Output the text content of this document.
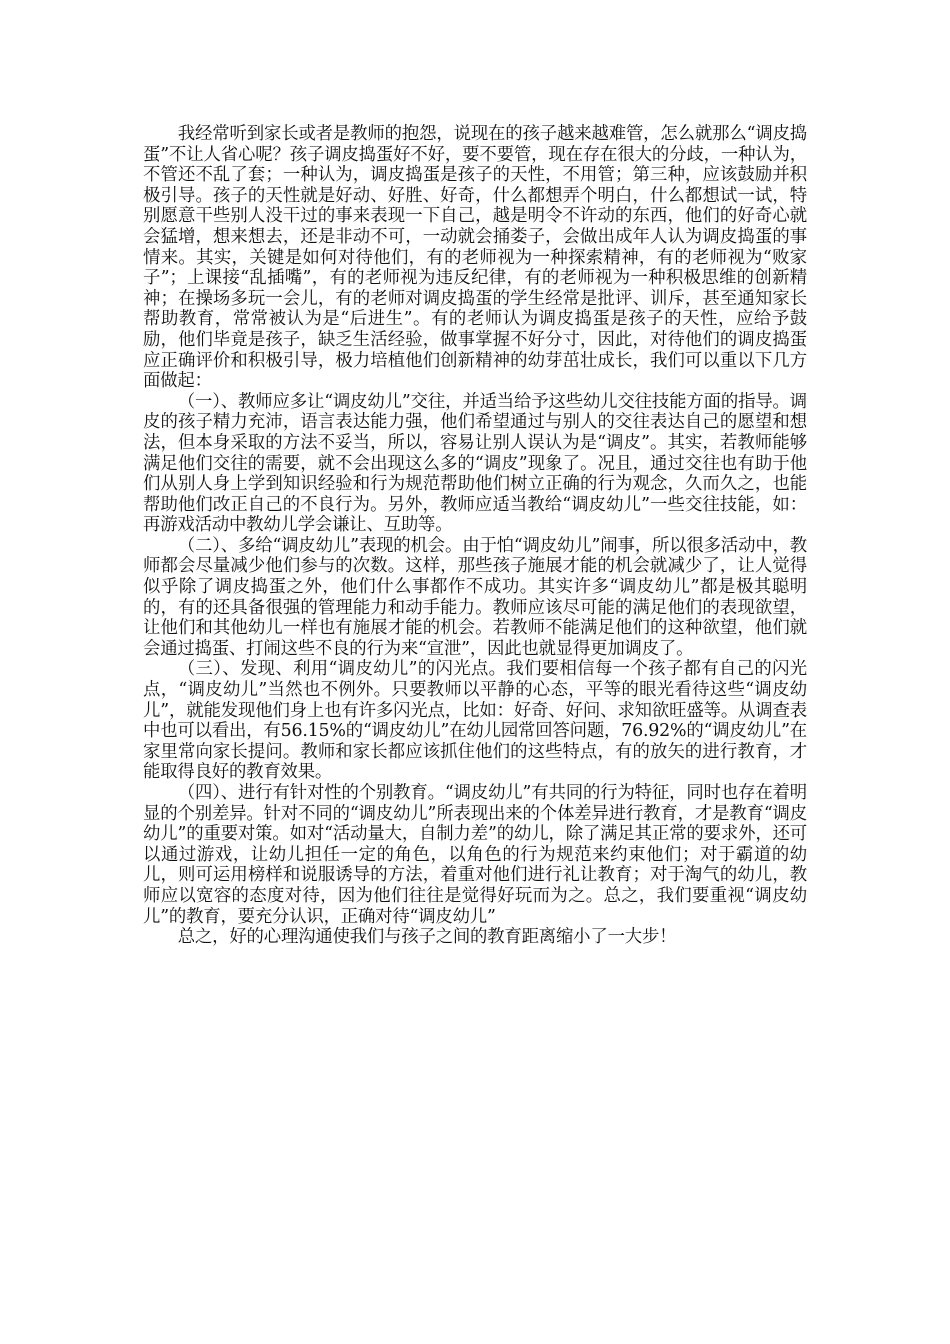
我经常听到家长或者是教师的抱怨，说现在的孩子越来越难管，怎么就那么“调皮捣蛋”不让人省心呢？孩子调皮捣蛋好不好，要不要管，现在存在很大的分歧，一种认为，不管还不乱了套；一种认为，调皮捣蛋是孩子的天性，不用管；第三种，应该鼓励并积极引导。孩子的天性就是好动、好胜、好奇，什么都想弄个明白，什么都想试一试，特别愿意干些别人没干过的事来表现一下自己，越是明令不许动的东西，他们的好奇心就会猛增，想来想去，还是非动不可，一动就会捅娄子，会做出成年人认为调皮捣蛋的事情来。其实，关键是如何对待他们，有的老师视为一种探索精神，有的老师视为“败家子”；上课接“乱插嘴”，有的老师视为违反纪律，有的老师视为一种积极思维的创新精神；在操场多玩一会儿，有的老师对调皮捣蛋的学生经常是批评、训斥，甚至通知家长帮助教育，常常被认为是“后进生”。有的老师认为调皮捣蛋是孩子的天性，应给予鼓励，他们毕竟是孩子，缺乏生活经验，做事掌握不好分寸，因此，对待他们的调皮捣蛋应正确评价和积极引导，极力培植他们创新精神的幼芽茁壮成长，我们可以重以下几方面做起：

（一）、教师应多让“调皮幼儿”交往，并适当给予这些幼儿交往技能方面的指导。调皮的孩子精力充沛，语言表达能力强，他们希望通过与别人的交往表达自己的愿望和想法，但本身采取的方法不妥当，所以，容易让别人误认为是“调皮”。其实，若教师能够满足他们交往的需要，就不会出现这么多的“调皮”现象了。况且，通过交往也有助于他们从别人身上学到知识经验和行为规范帮助他们树立正确的行为观念，久而久之，也能帮助他们改正自己的不良行为。另外，教师应适当教给“调皮幼儿”一些交往技能，如：再游戏活动中教幼儿学会谦让、互助等。

（二）、多给“调皮幼儿”表现的机会。由于怕“调皮幼儿”闹事，所以很多活动中，教师都会尽量减少他们参与的次数。这样，那些孩子施展才能的机会就减少了，让人觉得似乎除了调皮捣蛋之外，他们什么事都作不成功。其实许多“调皮幼儿”都是极其聪明的，有的还具备很强的管理能力和动手能力。教师应该尽可能的满足他们的表现欲望，让他们和其他幼儿一样也有施展才能的机会。若教师不能满足他们的这种欲望，他们就会通过捣蛋、打闹这些不良的行为来“宣泄”，因此也就显得更加调皮了。

（三）、发现、利用“调皮幼儿”的闪光点。我们要相信每一个孩子都有自己的闪光点，“调皮幼儿”当然也不例外。只要教师以平静的心态，平等的眼光看待这些“调皮幼儿”，就能发现他们身上也有许多闪光点，比如：好奇、好问、求知欲旺盛等。从调查表中也可以看出，有56.15%的“调皮幼儿”在幼儿园常回答问题，76.92%的“调皮幼儿”在家里常向家长提问。教师和家长都应该抓住他们的这些特点，有的放矢的进行教育，才能取得良好的教育效果。

（四）、进行有针对性的个别教育。“调皮幼儿”有共同的行为特征，同时也存在着明显的个别差异。针对不同的“调皮幼儿”所表现出来的个体差异进行教育，才是教育“调皮幼儿”的重要对策。如对“活动量大，自制力差”的幼儿，除了满足其正常的要求外，还可以通过游戏，让幼儿担任一定的角色，以角色的行为规范来约束他们；对于霸道的幼儿，则可运用榜样和说服诱导的方法，着重对他们进行礼让教育；对于淘气的幼儿，教师应以宽容的态度对待，因为他们往往是觉得好玩而为之。总之，我们要重视“调皮幼儿”的教育，要充分认识，正确对待“调皮幼儿”

总之，好的心理沟通使我们与孩子之间的教育距离缩小了一大步！
